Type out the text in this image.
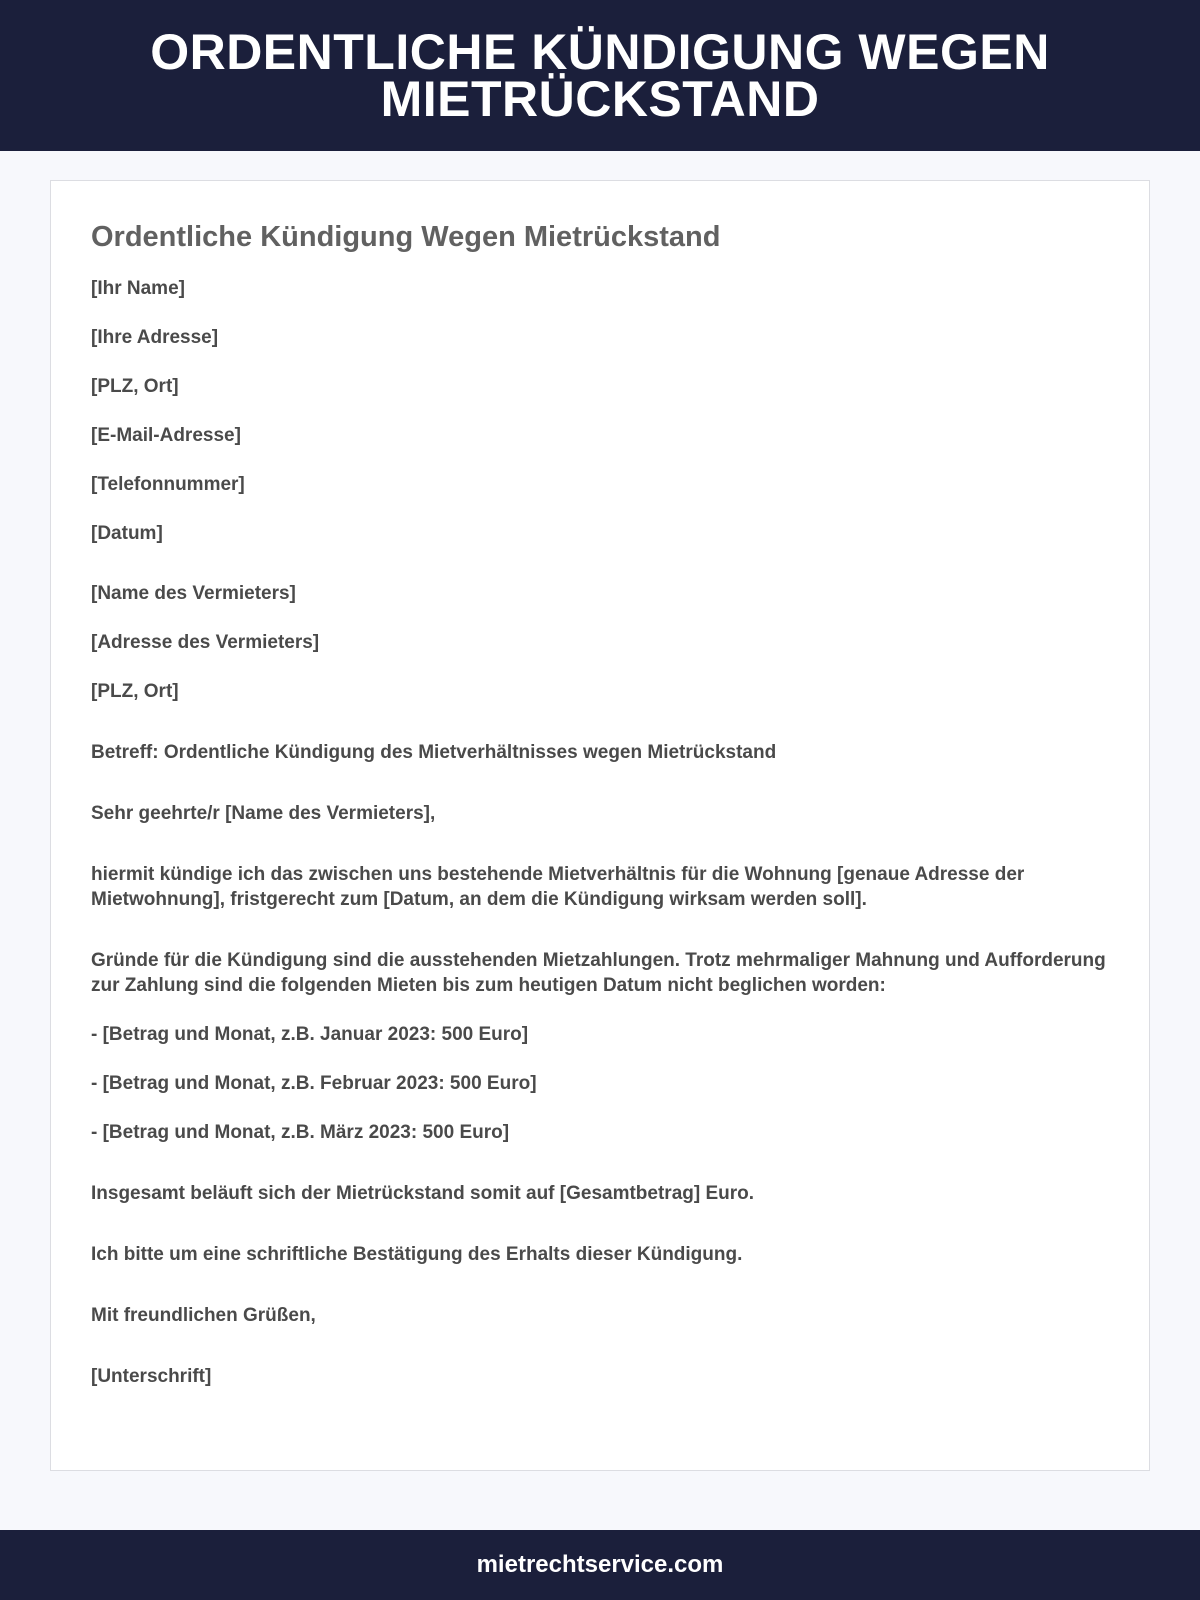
ORDENTLICHE KÜNDIGUNG WEGEN MIETRÜCKSTAND
Ordentliche Kündigung Wegen Mietrückstand

[Ihr Name]

[Ihre Adresse]

[PLZ, Ort]

[E-Mail-Adresse]

[Telefonnummer]

[Datum]

[Name des Vermieters]

[Adresse des Vermieters]

[PLZ, Ort]

Betreff: Ordentliche Kündigung des Mietverhältnisses wegen Mietrückstand

Sehr geehrte/r [Name des Vermieters],

hiermit kündige ich das zwischen uns bestehende Mietverhältnis für die Wohnung [genaue Adresse der Mietwohnung], fristgerecht zum [Datum, an dem die Kündigung wirksam werden soll].

Gründe für die Kündigung sind die ausstehenden Mietzahlungen. Trotz mehrmaliger Mahnung und Aufforderung zur Zahlung sind die folgenden Mieten bis zum heutigen Datum nicht beglichen worden:

- [Betrag und Monat, z.B. Januar 2023: 500 Euro]

- [Betrag und Monat, z.B. Februar 2023: 500 Euro]

- [Betrag und Monat, z.B. März 2023: 500 Euro]

Insgesamt beläuft sich der Mietrückstand somit auf [Gesamtbetrag] Euro.

Ich bitte um eine schriftliche Bestätigung des Erhalts dieser Kündigung.

Mit freundlichen Grüßen,

[Unterschrift]

mietrechtservice.com
